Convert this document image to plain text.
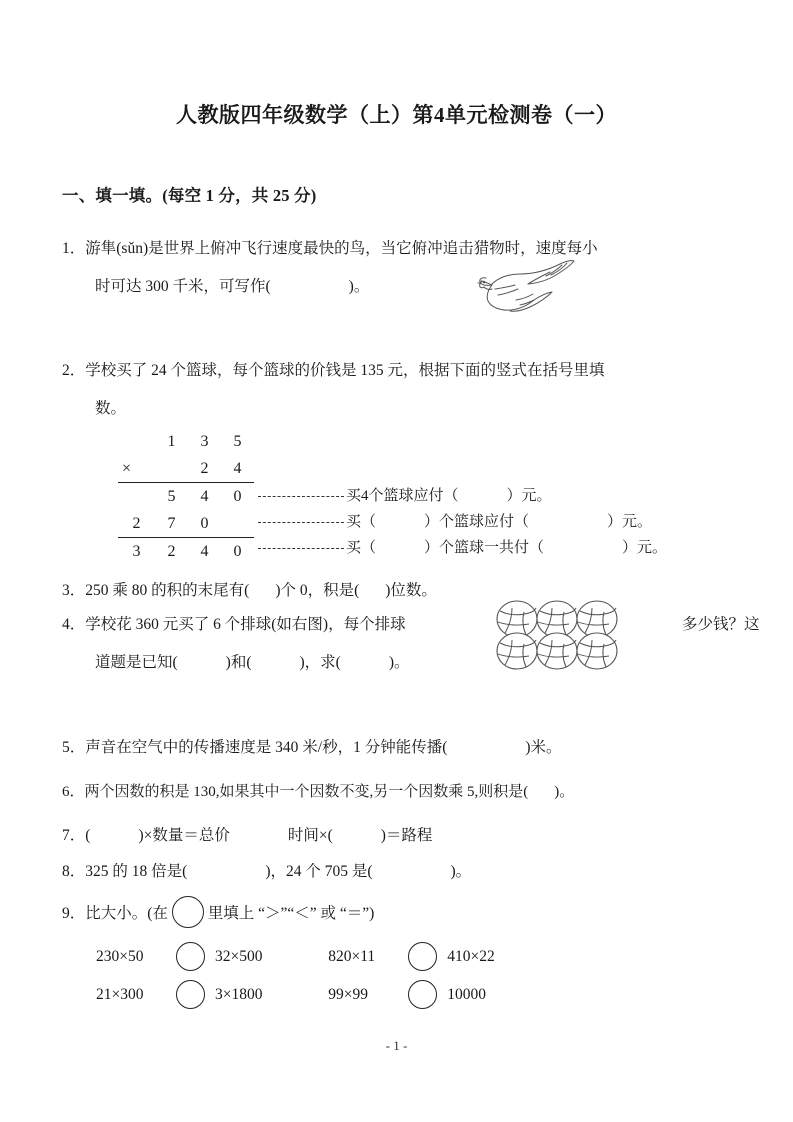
人教版四年级数学（上）第4单元检测卷（一）
一、填一填。(每空 1 分，共 25 分)
1．游隼(sǔn)是世界上俯冲飞行速度最快的鸟，当它俯冲追击猎物时，速度每小
时可达 300 千米，可写作(	)。
2．学校买了 24 个篮球，每个篮球的价钱是 135 元，根据下面的竖式在括号里填
数。
	1	3	5
×		2	4
	5	4	0
2	7	0	
3	2	4	0
买4个篮球应付（	）元。
买（	）个篮球应付（	）元。
买（	）个篮球一共付（	）元。
3．250 乘 80 的积的末尾有( )个 0，积是( )位数。
4．学校花 360 元买了 6 个排球(如右图)，每个排球	多少钱？这
道题是已知(	)和(	)，求(	)。
5．声音在空气中的传播速度是 340 米/秒，1 分钟能传播(	)米。
6．两个因数的积是 130,如果其中一个因数不变,另一个因数乘 5,则积是( )。
7．(	)×数量＝总价	时间×(	)＝路程
8．325 的 18 倍是(	)，24 个 705 是(	)。
9．比大小。(在	里填上 “＞”“＜” 或 “＝”)
230×50	32×500	820×11	410×22
21×300	3×1800	99×99	10000
- 1 -
